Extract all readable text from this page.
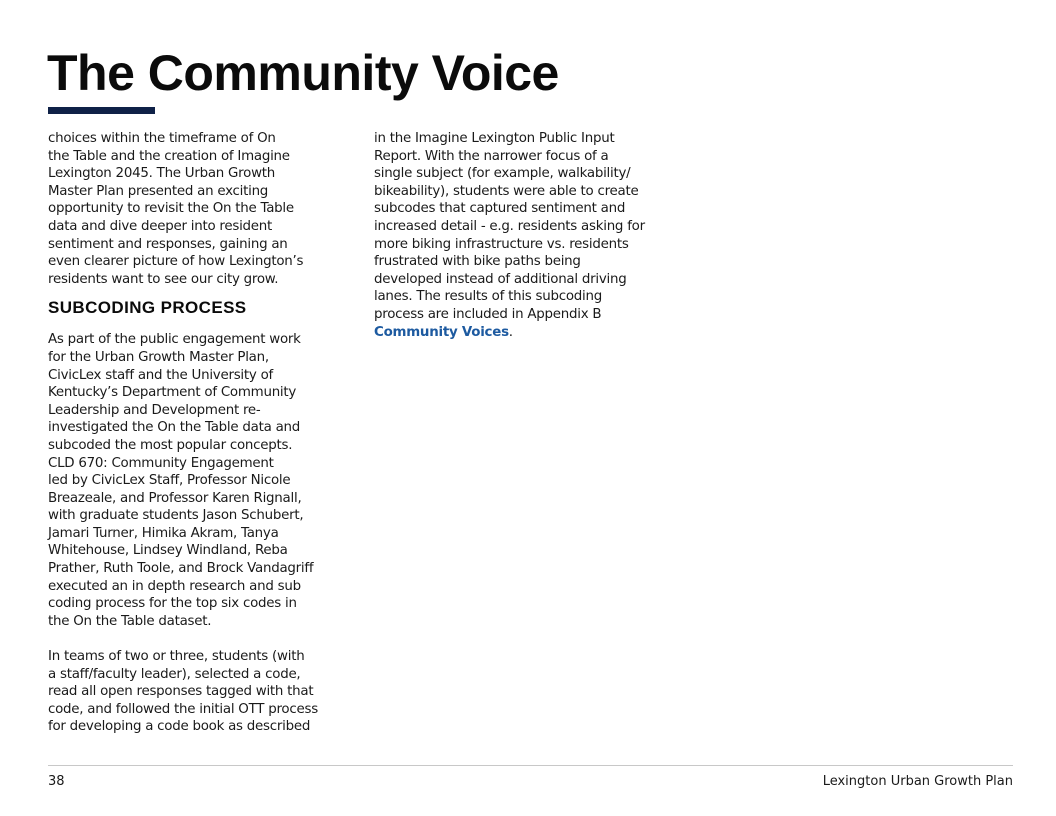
The Community Voice

choices within the timeframe of On
the Table and the creation of Imagine
Lexington 2045. The Urban Growth
Master Plan presented an exciting
opportunity to revisit the On the Table
data and dive deeper into resident
sentiment and responses, gaining an
even clearer picture of how Lexington’s
residents want to see our city grow.

SUBCODING PROCESS

As part of the public engagement work
for the Urban Growth Master Plan,
CivicLex staff and the University of
Kentucky’s Department of Community
Leadership and Development re-
investigated the On the Table data and
subcoded the most popular concepts.
CLD 670: Community Engagement
led by CivicLex Staff, Professor Nicole
Breazeale, and Professor Karen Rignall,
with graduate students Jason Schubert,
Jamari Turner, Himika Akram, Tanya
Whitehouse, Lindsey Windland, Reba
Prather, Ruth Toole, and Brock Vandagriff
executed an in depth research and sub
coding process for the top six codes in
the On the Table dataset.

In teams of two or three, students (with
a staff/faculty leader), selected a code,
read all open responses tagged with that
code, and followed the initial OTT process
for developing a code book as described

in the Imagine Lexington Public Input
Report. With the narrower focus of a
single subject (for example, walkability/
bikeability), students were able to create
subcodes that captured sentiment and
increased detail - e.g. residents asking for
more biking infrastructure vs. residents
frustrated with bike paths being
developed instead of additional driving
lanes. The results of this subcoding
process are included in Appendix B
Community Voices.

38	Lexington Urban Growth Plan
